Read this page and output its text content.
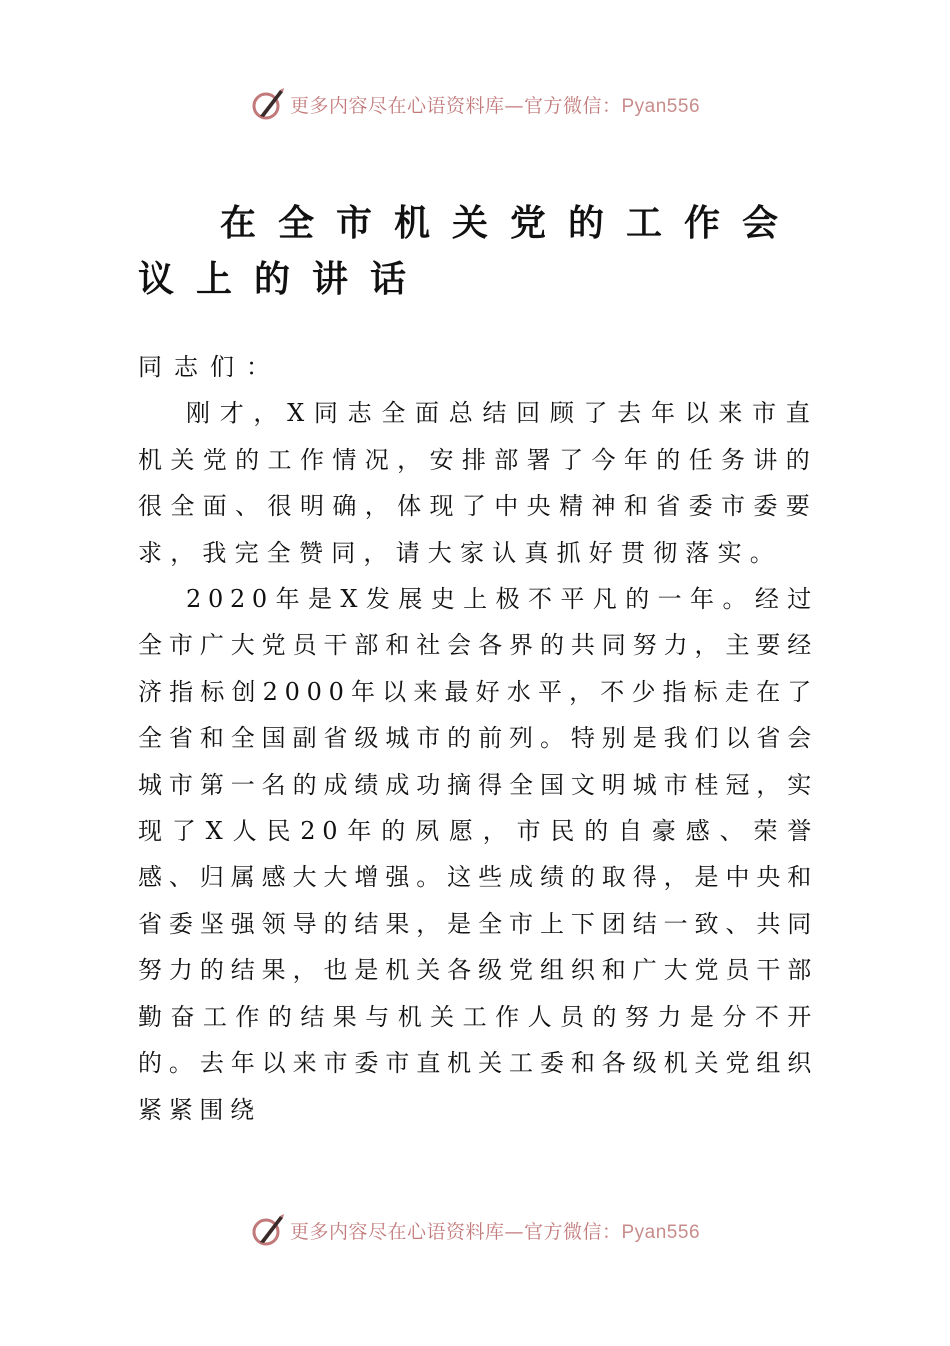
更多内容尽在心语资料库—官方微信：Pyan556
在全市机关党的工作会议上的讲话

同志们：

刚才，X同志全面总结回顾了去年以来市直机关党的工作情况，安排部署了今年的任务讲的很全面、很明确，体现了中央精神和省委市委要求，我完全赞同，请大家认真抓好贯彻落实。

2020年是X发展史上极不平凡的一年。经过全市广大党员干部和社会各界的共同努力，主要经济指标创2000年以来最好水平，不少指标走在了全省和全国副省级城市的前列。特别是我们以省会城市第一名的成绩成功摘得全国文明城市桂冠，实现了X人民20年的夙愿，市民的自豪感、荣誉感、归属感大大增强。这些成绩的取得，是中央和省委坚强领导的结果，是全市上下团结一致、共同努力的结果，也是机关各级党组织和广大党员干部勤奋工作的结果与机关工作人员的努力是分不开的。去年以来市委市直机关工委和各级机关党组织紧紧围绕

更多内容尽在心语资料库—官方微信：Pyan556
